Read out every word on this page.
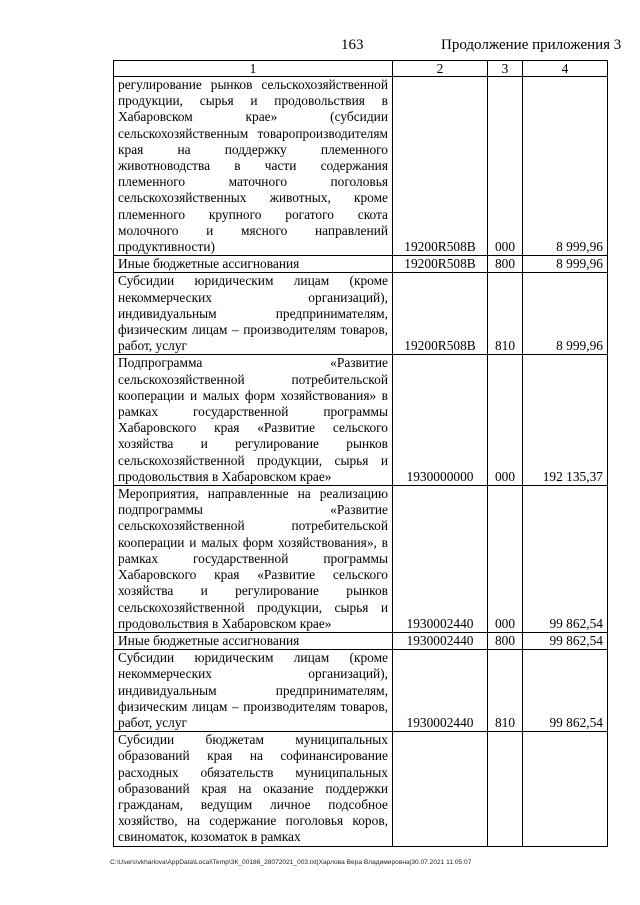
163	Продолжение приложения 3
1	2	3	4
регулирование рынков сельскохозяйственной продукции, сырья и продовольствия в Хабаровском крае» (субсидии сельскохозяйственным товаропроизводителям края на поддержку племенного животноводства в части содержания племенного маточного поголовья сельскохозяйственных животных, кроме племенного крупного рогатого скота молочного и мясного направлений продуктивности)	19200R508B	000	8 999,96
Иные бюджетные ассигнования	19200R508B	800	8 999,96
Субсидии юридическим лицам (кроме некоммерческих организаций), индивидуальным предпринимателям, физическим лицам – производителям товаров, работ, услуг	19200R508B	810	8 999,96
Подпрограмма «Развитие сельскохозяйственной потребительской кооперации и малых форм хозяйствования» в рамках государственной программы Хабаровского края «Развитие сельского хозяйства и регулирование рынков сельскохозяйственной продукции, сырья и продовольствия в Хабаровском крае»	1930000000	000	192 135,37
Мероприятия, направленные на реализацию подпрограммы «Развитие сельскохозяйственной потребительской кооперации и малых форм хозяйствования», в рамках государственной программы Хабаровского края «Развитие сельского хозяйства и регулирование рынков сельскохозяйственной продукции, сырья и продовольствия в Хабаровском крае»	1930002440	000	99 862,54
Иные бюджетные ассигнования	1930002440	800	99 862,54
Субсидии юридическим лицам (кроме некоммерческих организаций), индивидуальным предпринимателям, физическим лицам – производителям товаров, работ, услуг	1930002440	810	99 862,54
Субсидии бюджетам муниципальных образований края на софинансирование расходных обязательств муниципальных образований края на оказание поддержки гражданам, ведущим личное подсобное хозяйство, на содержание поголовья коров, свиноматок, козоматок в рамках			
C:\Users\vkharlova\AppData\Local\Temp\ЗК_00186_28072021_003.txt|Харлова Вера Владимировна|30.07.2021 11:05:07
